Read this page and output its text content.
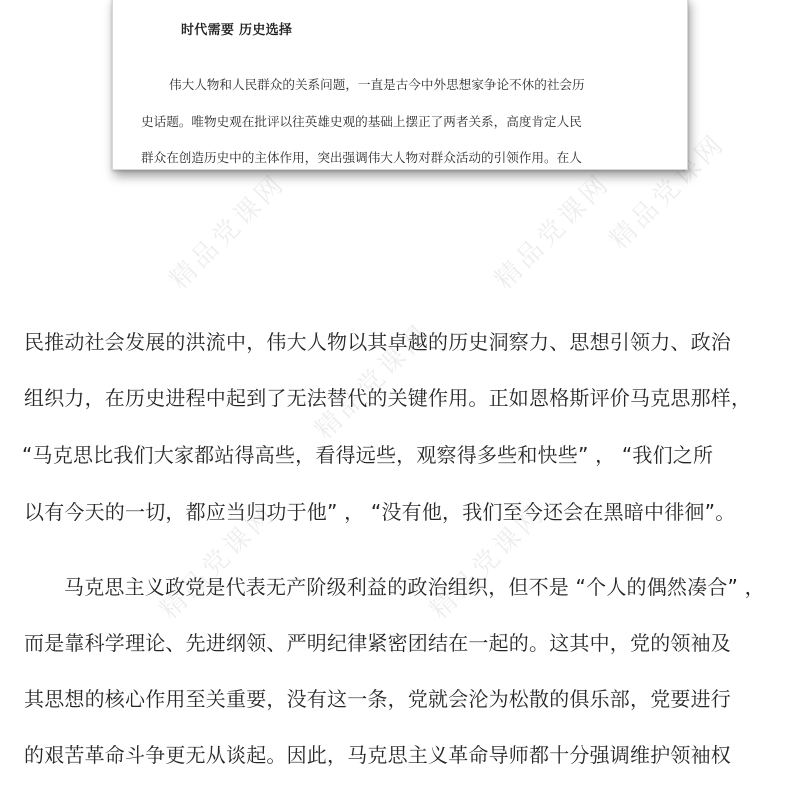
精品党课网	精品党课网
精品党课网
精品党课网	精品党课网
精品党课网
时代需要 历史选择
伟大人物和人民群众的关系问题，一直是古今中外思想家争论不休的社会历
史话题。唯物史观在批评以往英雄史观的基础上摆正了两者关系，高度肯定人民
群众在创造历史中的主体作用，突出强调伟大人物对群众活动的引领作用。在人
民推动社会发展的洪流中，伟大人物以其卓越的历史洞察力、思想引领力、政治
组织力，在历史进程中起到了无法替代的关键作用。正如恩格斯评价马克思那样，
“马克思比我们大家都站得高些，看得远些，观察得多些和快些” ， “我们之所
以有今天的一切，都应当归功于他” ， “没有他，我们至今还会在黑暗中徘徊”。
马克思主义政党是代表无产阶级利益的政治组织，但不是 “个人的偶然凑合” ，
而是靠科学理论、先进纲领、严明纪律紧密团结在一起的。这其中，党的领袖及
其思想的核心作用至关重要，没有这一条，党就会沦为松散的俱乐部，党要进行
的艰苦革命斗争更无从谈起。因此，马克思主义革命导师都十分强调维护领袖权
